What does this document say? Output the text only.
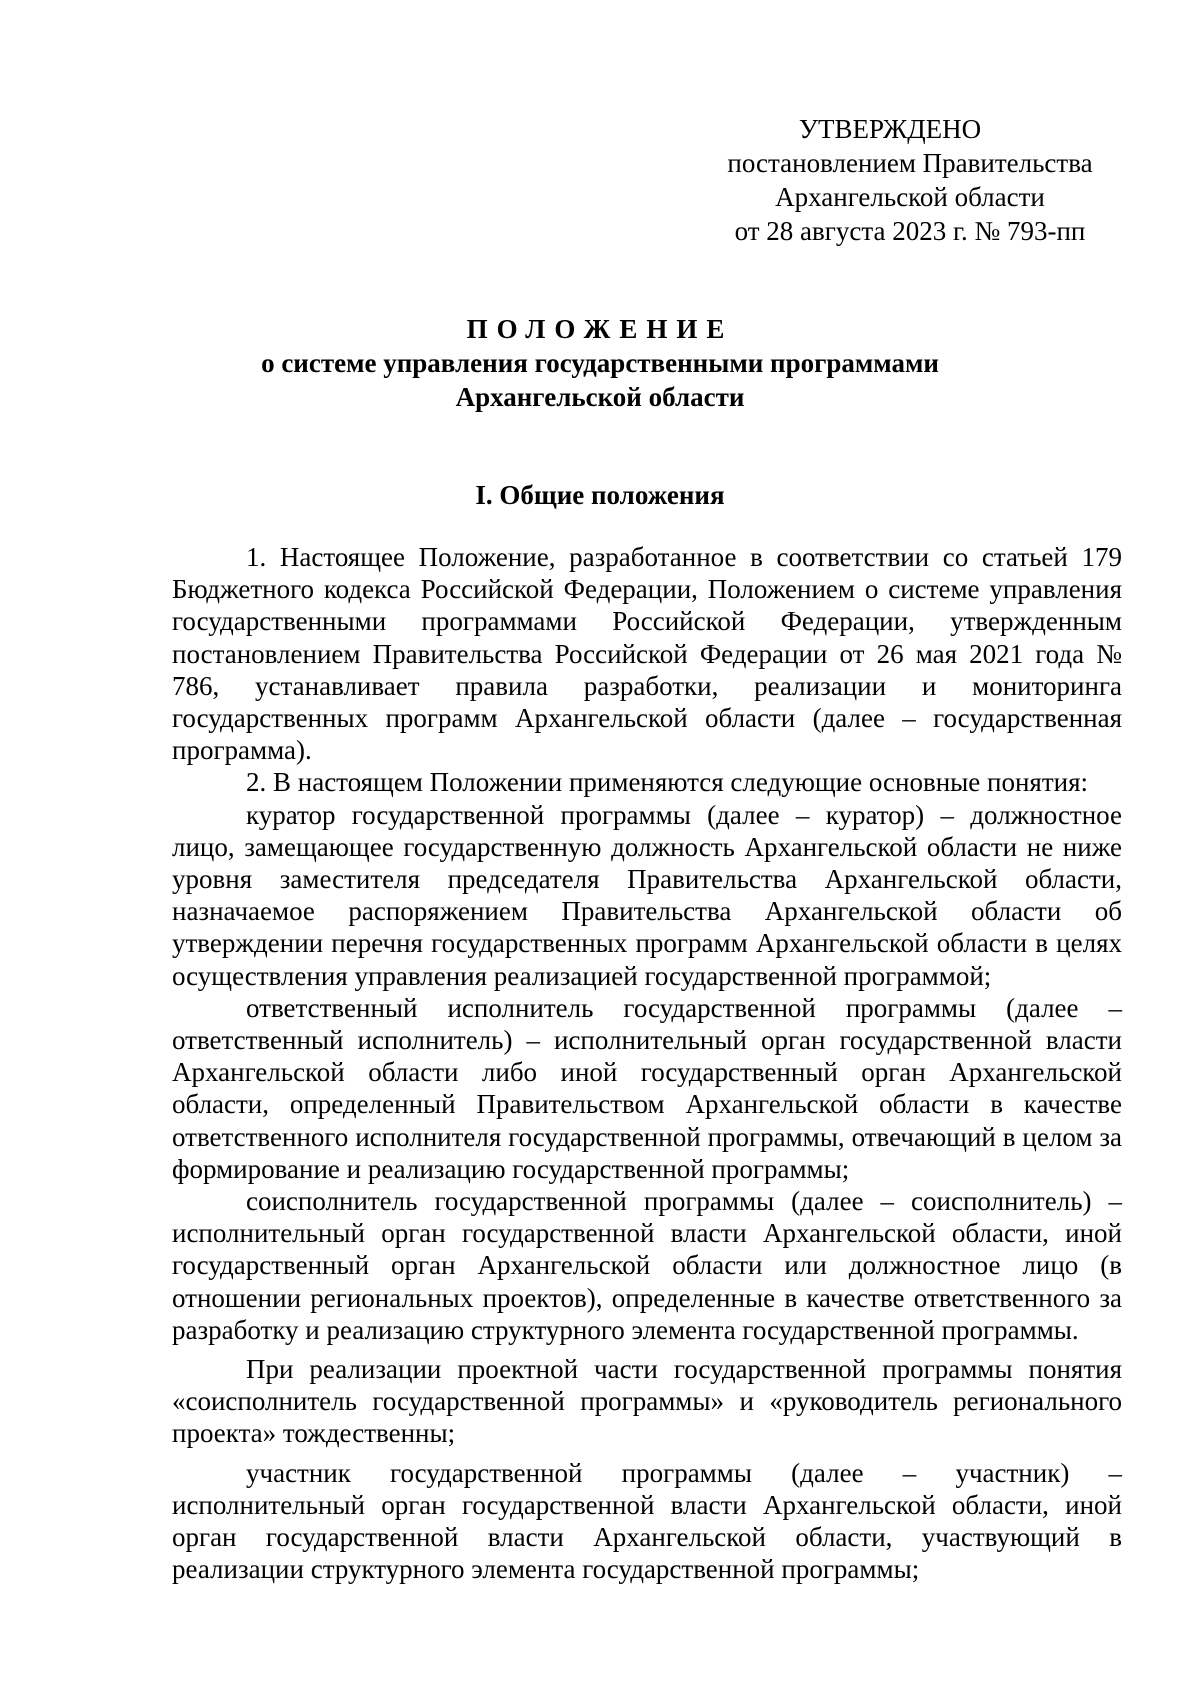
УТВЕРЖДЕНО
постановлением Правительства
Архангельской области
от 28 августа 2023 г. № 793-пп
ПОЛОЖЕНИЕ
о системе управления государственными программами
Архангельской области
I. Общие положения

1. Настоящее Положение, разработанное в соответствии со статьей 179 Бюджетного кодекса Российской Федерации, Положением о системе управления государственными программами Российской Федерации, утвержденным постановлением Правительства Российской Федерации от 26 мая 2021 года № 786, устанавливает правила разработки, реализации и мониторинга государственных программ Архангельской области (далее – государственная программа).

2. В настоящем Положении применяются следующие основные понятия:

куратор государственной программы (далее – куратор) – должностное лицо, замещающее государственную должность Архангельской области не ниже уровня заместителя председателя Правительства Архангельской области, назначаемое распоряжением Правительства Архангельской области об утверждении перечня государственных программ Архангельской области в целях осуществления управления реализацией государственной программой;

ответственный исполнитель государственной программы (далее – ответственный исполнитель) – исполнительный орган государственной власти Архангельской области либо иной государственный орган Архангельской области, определенный Правительством Архангельской области в качестве ответственного исполнителя государственной программы, отвечающий в целом за формирование и реализацию государственной программы;

соисполнитель государственной программы (далее – соисполнитель) – исполнительный орган государственной власти Архангельской области, иной государственный орган Архангельской области или должностное лицо (в отношении региональных проектов), определенные в качестве ответственного за разработку и реализацию структурного элемента государственной программы.

При реализации проектной части государственной программы понятия «соисполнитель государственной программы» и «руководитель регионального проекта» тождественны;

участник государственной программы (далее – участник) – исполнительный орган государственной власти Архангельской области, иной орган государственной власти Архангельской области, участвующий в реализации структурного элемента государственной программы;
